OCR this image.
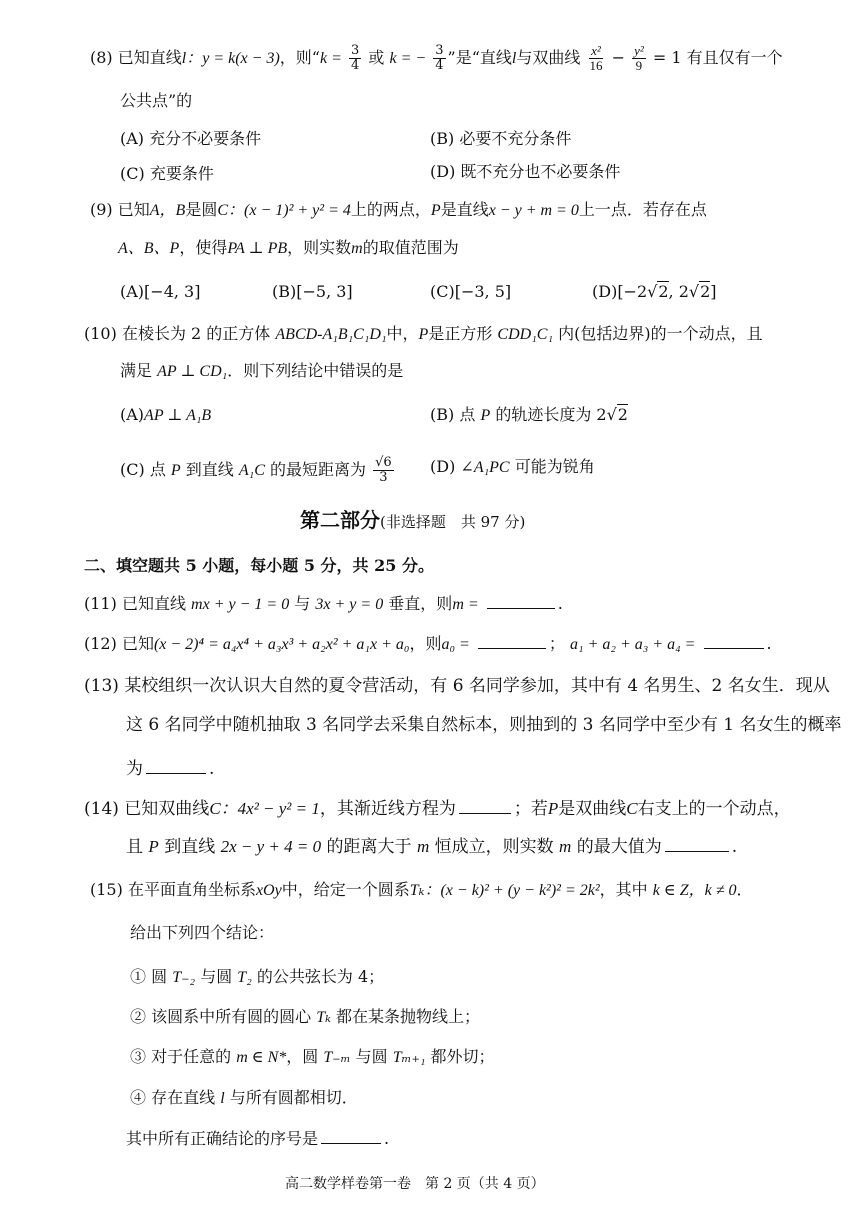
(8) 已知直线l：y = k(x − 3)，则“$k = \frac{3}{4}$ 或 k = − $\frac{3}{4}$ ”是“直线l与双曲线 $\frac{\text{x²}}{16} - \frac{\text{y²}}{9} = 1$ 有且仅有一个
公共点”的
(A) 充分不必要条件	(B) 必要不充分条件
(C) 充要条件	(D) 既不充分也不必要条件
(9) 已知A，B是圆C：(x − 1)² + y² = 4上的两点，P是直线x − y + m = 0上一点．若存在点
A、B、P，使得PA ⊥ PB，则实数m的取值范围为
(A)[−4, 3]	(B)[−5, 3]	(C)[−3, 5]	(D)[−2√2, 2√2]
(10) 在棱长为 2 的正方体 ABCD-A₁B₁C₁D₁中，P是正方形 CDD₁C₁ 内(包括边界)的一个动点，且
满足 AP ⊥ CD₁．则下列结论中错误的是
(A)AP ⊥ A₁B	(B) 点 P 的轨迹长度为 2√2
(C) 点 P 到直线 A₁C 的最短距离为 $\frac{√6}{3} (D)$ ∠A₁PC 可能为锐角
第二部分(非选择题　共 97 分)
二、填空题共 5 小题，每小题 5 分，共 25 分。
(11) 已知直线 mx + y − 1 = 0 与 3x + y = 0 垂直，则m =	.
(12) 已知(x − 2)⁴ = a₄x⁴ + a₃x³ + a₂x² + a₁x + a₀，则a₀ =	； a₁ + a₂ + a₃ + a₄ =	.
(13) 某校组织一次认识大自然的夏令营活动，有 6 名同学参加，其中有 4 名男生、2 名女生．现从
这 6 名同学中随机抽取 3 名同学去采集自然标本，则抽到的 3 名同学中至少有 1 名女生的概率
为	.
(14) 已知双曲线C：4x² − y² = 1，其渐近线方程为	；若P是双曲线C右支上的一个动点，
且 P 到直线 2x − y + 4 = 0 的距离大于 m 恒成立，则实数 m 的最大值为	.
(15) 在平面直角坐标系xOy中，给定一个圆系Tₖ：(x − k)² + (y − k²)² = 2k²，其中 k ∈ Z，k ≠ 0．
给出下列四个结论：
① 圆 T₋₂ 与圆 T₂ 的公共弦长为 4；
② 该圆系中所有圆的圆心 Tₖ 都在某条抛物线上；
③ 对于任意的 m ∈ N*，圆 T₋ₘ 与圆 Tₘ₊₁ 都外切；
④ 存在直线 l 与所有圆都相切．
其中所有正确结论的序号是	.
高二数学样卷第一卷　第 2 页（共 4 页）
